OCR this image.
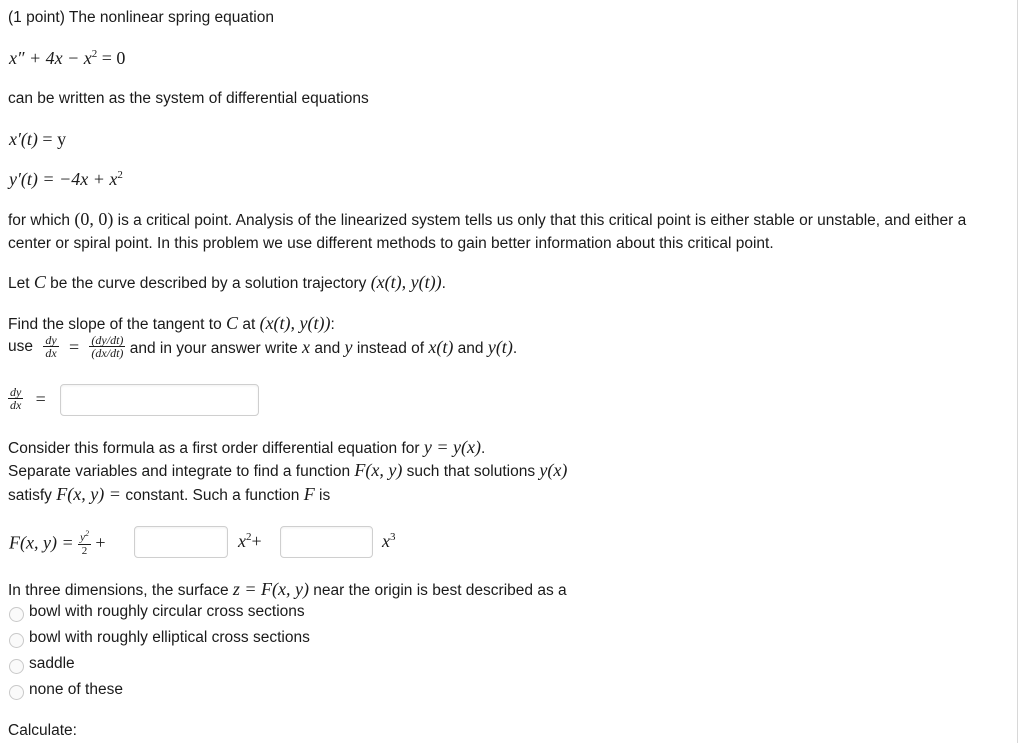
(1 point) The nonlinear spring equation
$x'' + 4x - x^2 = 0$
can be written as the system of differential equations
x′(t) = y
$y'(t) = -4x + x^2$
for which (0, 0) is a critical point. Analysis of the linearized system tells us only that this critical point is either stable or unstable, and either a center or spiral point. In this problem we use different methods to gain better information about this critical point.
Let C be the curve described by a solution trajectory (x(t), y(t)).
Find the slope of the tangent to C at (x(t), y(t)):
use $\frac{dy}{dx} = \frac{(dy/dt)}{(dx/dt)}$ and in your answer write x and y instead of x(t) and y(t).
$\frac{dy}{dx}$ =
Consider this formula as a first order differential equation for y = y(x).
Separate variables and integrate to find a function F(x, y) such that solutions y(x)
satisfy F(x, y) = constant. Such a function F is
F(x, $y) = \frac{y^2}{2}$ +	$x^2+$	$x^3$
In three dimensions, the surface z = F(x, y) near the origin is best described as a
bowl with roughly circular cross sections
bowl with roughly elliptical cross sections
saddle
none of these
Calculate:
